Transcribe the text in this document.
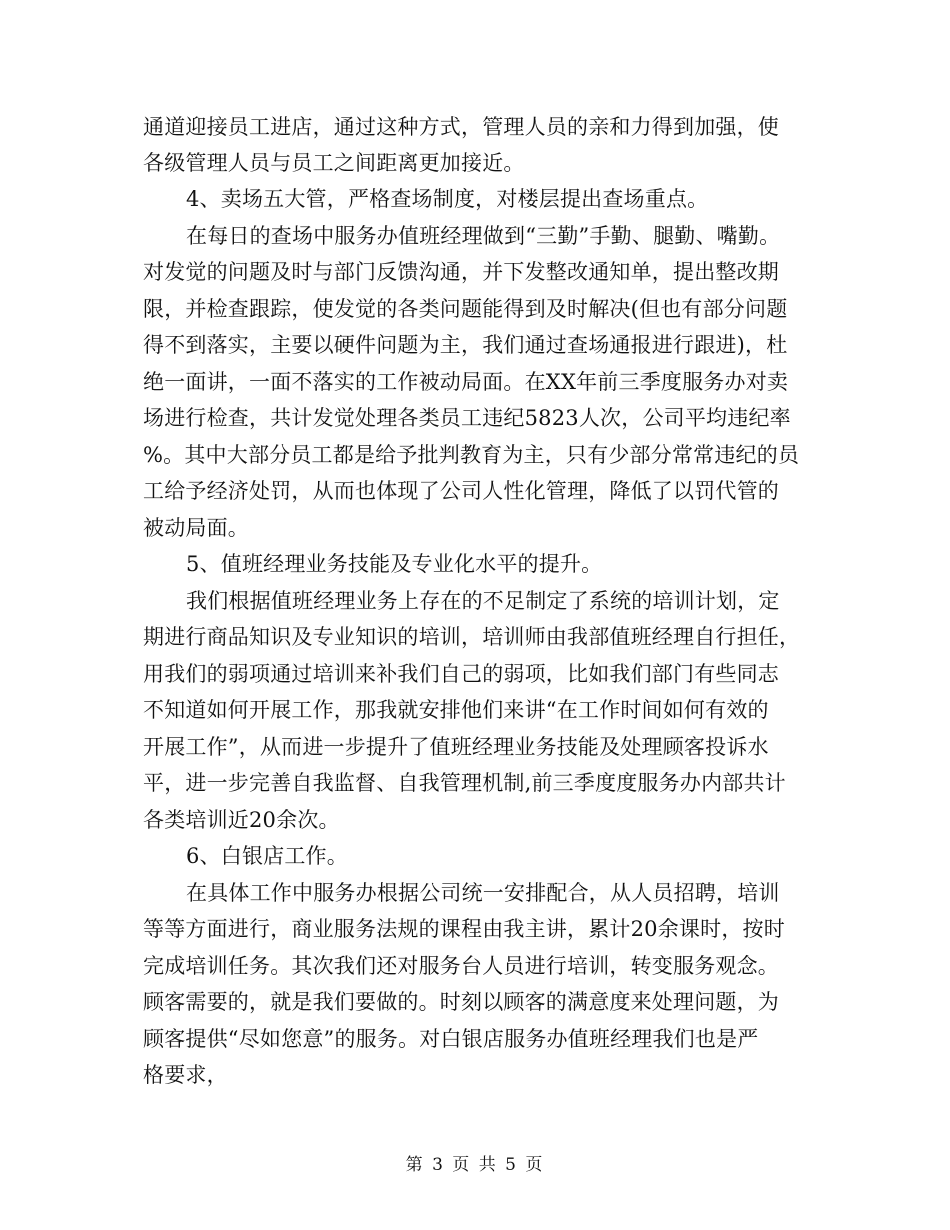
通道迎接员工进店，通过这种方式，管理人员的亲和力得到加强，使
各级管理人员与员工之间距离更加接近。
4、卖场五大管，严格查场制度，对楼层提出查场重点。
在每日的查场中服务办值班经理做到“三勤”手勤、腿勤、嘴勤。
对发觉的问题及时与部门反馈沟通，并下发整改通知单，提出整改期
限，并检查跟踪，使发觉的各类问题能得到及时解决(但也有部分问题
得不到落实，主要以硬件问题为主，我们通过查场通报进行跟进)，杜
绝一面讲，一面不落实的工作被动局面。在XX年前三季度服务办对卖
场进行检查，共计发觉处理各类员工违纪5823人次，公司平均违纪率
%。其中大部分员工都是给予批判教育为主，只有少部分常常违纪的员
工给予经济处罚，从而也体现了公司人性化管理，降低了以罚代管的
被动局面。
5、值班经理业务技能及专业化水平的提升。
我们根据值班经理业务上存在的不足制定了系统的培训计划，定
期进行商品知识及专业知识的培训，培训师由我部值班经理自行担任，
用我们的弱项通过培训来补我们自己的弱项，比如我们部门有些同志
不知道如何开展工作，那我就安排他们来讲“在工作时间如何有效的
开展工作”，从而进一步提升了值班经理业务技能及处理顾客投诉水
平，进一步完善自我监督、自我管理机制,前三季度度服务办内部共计
各类培训近20余次。
6、白银店工作。
在具体工作中服务办根据公司统一安排配合，从人员招聘，培训
等等方面进行，商业服务法规的课程由我主讲，累计20余课时，按时
完成培训任务。其次我们还对服务台人员进行培训，转变服务观念。
顾客需要的，就是我们要做的。时刻以顾客的满意度来处理问题，为
顾客提供“尽如您意”的服务。对白银店服务办值班经理我们也是严
格要求，
第 3 页 共 5 页
